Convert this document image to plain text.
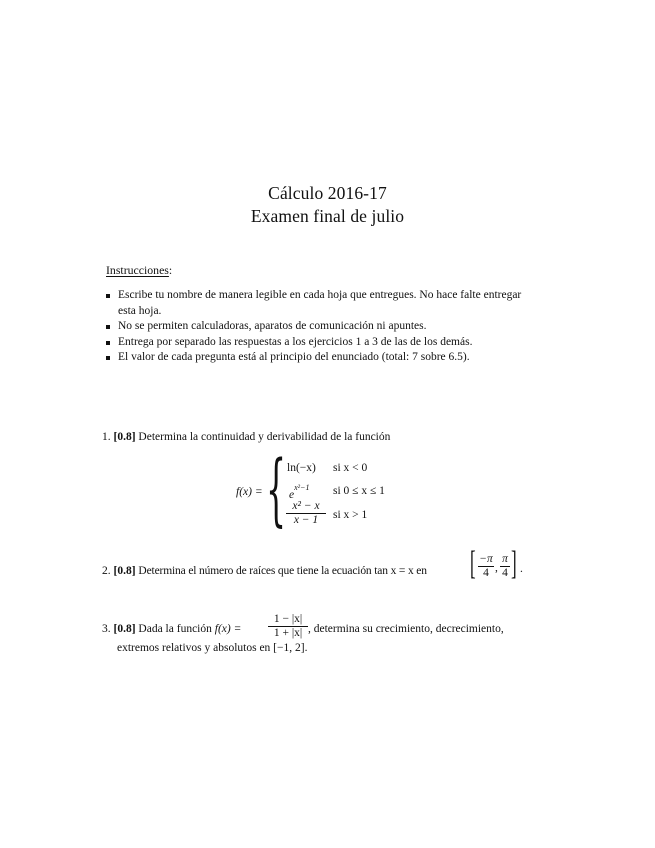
Cálculo 2016-17
Examen final de julio
Instrucciones:
Escribe tu nombre de manera legible en cada hoja que entregues. No hace falte entregar esta hoja.
No se permiten calculadoras, aparatos de comunicación ni apuntes.
Entrega por separado las respuestas a los ejercicios 1 a 3 de las de los demás.
El valor de cada pregunta está al principio del enunciado (total: 7 sobre 6.5).
1. [0.8] Determina la continuidad y derivabilidad de la función
f(x) = { ln(−x) si x < 0
$e^{x^2-1}$ si 0 ≤ x ≤ 1
$\frac{\text{x² − x}}{x - 1}$ si x > 1
2. [0.8] Determina el número de raíces que tiene la ecuación tan x = x en [ $\frac{-\pi}{4}$ , $\frac{\pi}{4}$ ] .
3. [0.8] Dada la función $f(x) = \frac{1 - |x|}{1 + |x|}$ , determina su crecimiento, decrecimiento,
extremos relativos y absolutos en [−1, 2].
